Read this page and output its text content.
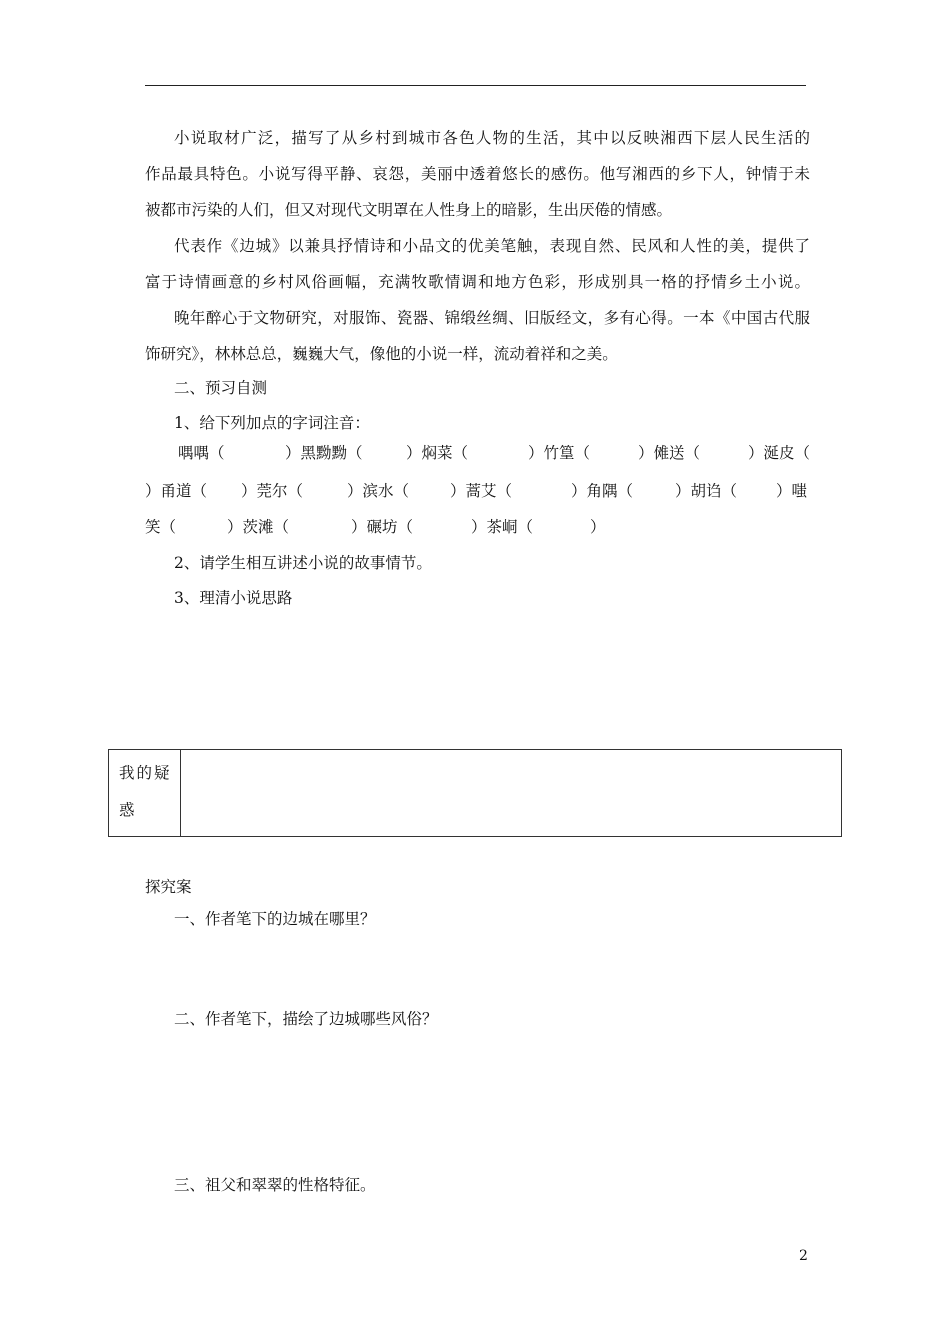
小说取材广泛，描写了从乡村到城市各色人物的生活，其中以反映湘西下层人民生活的
作品最具特色。小说写得平静、哀怨，美丽中透着悠长的感伤。他写湘西的乡下人，钟情于未
被都市污染的人们，但又对现代文明罩在人性身上的暗影，生出厌倦的情感。
代表作《边城》以兼具抒情诗和小品文的优美笔触，表现自然、民风和人性的美，提供了
富于诗情画意的乡村风俗画幅，充满牧歌情调和地方色彩，形成别具一格的抒情乡土小说。
晚年醉心于文物研究，对服饰、瓷器、锦缎丝绸、旧版经文，多有心得。一本《中国古代服
饰研究》，林林总总，巍巍大气，像他的小说一样，流动着祥和之美。
二、预习自测
1、给下列加点的字词注音：
喁喁（	）黑黝黝（	）焖菜（	）竹篁（	）傩送（	）涎皮（
）甬道（ ）莞尔（	）滨水（	）蒿艾（	）角隅（	）胡诌（	）嗤
笑（	）茨滩（	）碾坊（	）茶峒（	）
2、请学生相互讲述小说的故事情节。
3、理清小说思路
我的疑
惑
探究案
一、作者笔下的边城在哪里？
二、作者笔下，描绘了边城哪些风俗？
三、祖父和翠翠的性格特征。
2
